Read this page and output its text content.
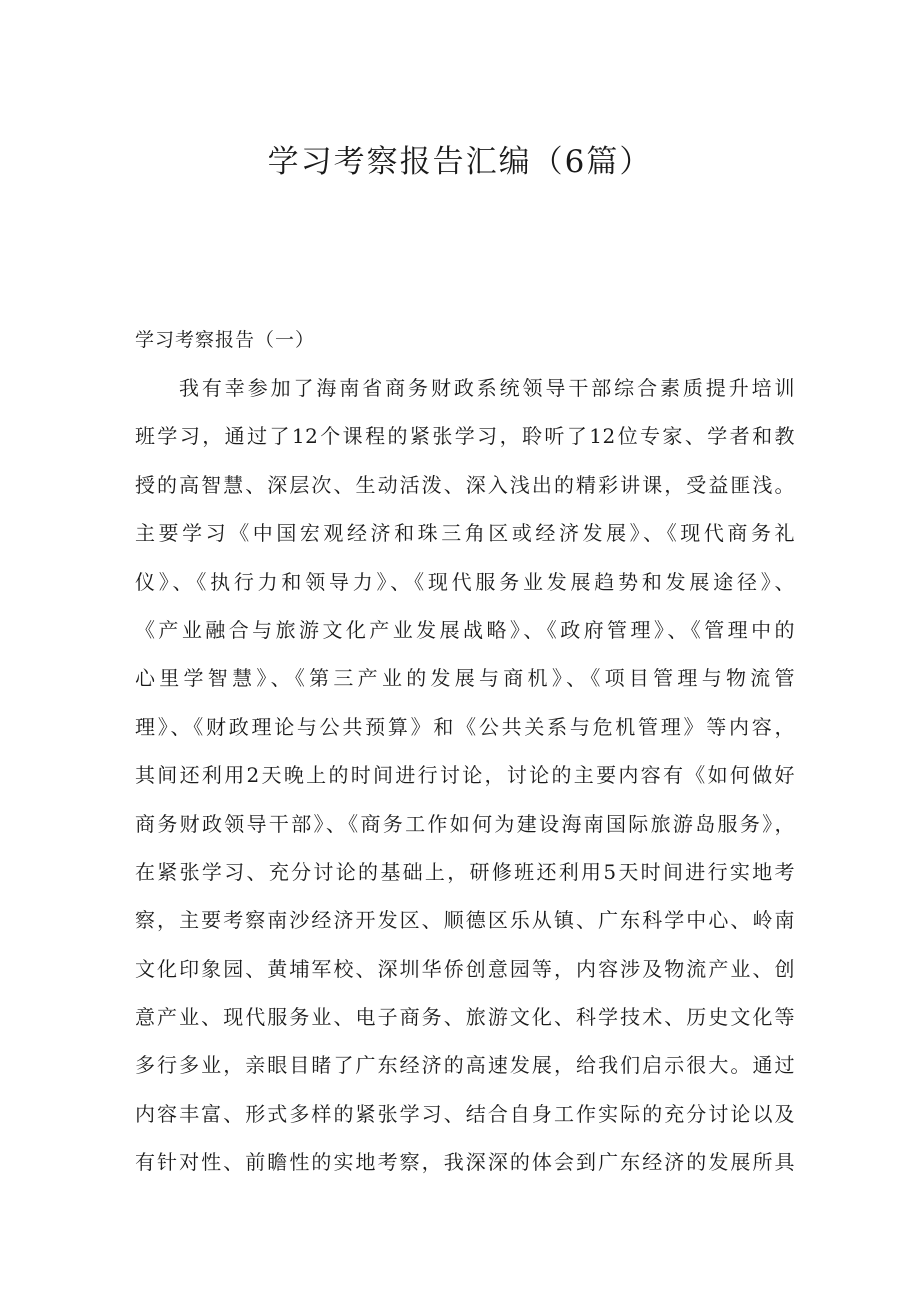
学习考察报告汇编（6篇）
学习考察报告（一）
我有幸参加了海南省商务财政系统领导干部综合素质提升培训
班学习，通过了12个课程的紧张学习，聆听了12位专家、学者和教
授的高智慧、深层次、生动活泼、深入浅出的精彩讲课，受益匪浅。
主要学习《中国宏观经济和珠三角区或经济发展》、《现代商务礼
仪》、《执行力和领导力》、《现代服务业发展趋势和发展途径》、
《产业融合与旅游文化产业发展战略》、《政府管理》、《管理中的
心里学智慧》、《第三产业的发展与商机》、《项目管理与物流管
理》、《财政理论与公共预算》和《公共关系与危机管理》等内容，
其间还利用2天晚上的时间进行讨论，讨论的主要内容有《如何做好
商务财政领导干部》、《商务工作如何为建设海南国际旅游岛服务》，
在紧张学习、充分讨论的基础上，研修班还利用5天时间进行实地考
察，主要考察南沙经济开发区、顺德区乐从镇、广东科学中心、岭南
文化印象园、黄埔军校、深圳华侨创意园等，内容涉及物流产业、创
意产业、现代服务业、电子商务、旅游文化、科学技术、历史文化等
多行多业，亲眼目睹了广东经济的高速发展，给我们启示很大。通过
内容丰富、形式多样的紧张学习、结合自身工作实际的充分讨论以及
有针对性、前瞻性的实地考察，我深深的体会到广东经济的发展所具
